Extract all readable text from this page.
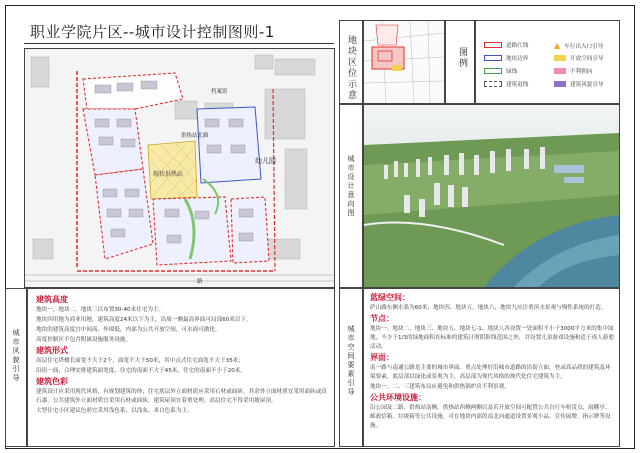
职业学院片区--城市设计控制图则-1
现状供热站
幼儿园
供热站北路
档案馆
路
地块区位示意	图例
道路红线
地块边界
绿线
建筑退线
▲ 车行出入口引导
开放空间引导
不利朝向
建筑风貌引导
城市设计意向图
城市风貌引导
建筑高度
地块一，地块二，地块三以布置30-40米住宅为主。
地块四用地为商业用地，建筑高度24米以下为主，沿周一侧最高界面可局部60米以下。
地块的建筑高度宜中间高、外围低，内部为公共开放空间，可水面可做化。
高度控制区不包含附属设施服务设施。
建筑形式
高层住宅塔楼长面宽不大于2个，面宽不大于50米，其中点式住宅面宽不大于35米；
沿街一面，合理安排建筑面宽度，住宅的南面不大于45米，住宅的南面不小于20米。
建筑色彩
建筑设计应采用现代风格，有规划建筑的体；住宅底层外立面材质应采用石材或面砖，其余外立面材质宜采用面砖或真石漆。公共建筑外立面材质宜采用石材或面砖，建筑屋顶宜着重处理，高层住宅不得采用坡屋顶。
大型住宅小区建议色彩宜采用浅色系，以浅灰、米白色系为主。
城市空间要素引导
蓝绿空间：
萨山路东侧水系为60米，地块四、地块五、地块六，地块九应注重滨水景观与慢性系统的打造。
节点：
地块一、地块二、地块三、地块五、地块七-1、地块八各设置一处面积不小于3000平方米的集中绿地，不少于1/3的绿地面积在标准的建筑日照阴影线范围之外，并设置儿童游戏设施和适于成人游憩活动。
界面：
南一路与南通公路是主要的城市界面。重点处理好沿城市道路的沿街立面，登录高品质的建筑及环境要素，底层部以绿化或景观为主，高层部为现代风格的现代化住宅建筑为主。
地块一、二、三建筑布局应避免和供热锅炉房不利景观。
公共环境设施：
沿公园及二路、供热站南侧，供热站西侧两侧以及若开放空间可配置公共自行车租赁点、雨棚亭、邮政信箱、垃圾箱等公共设施，可在地块内部的南北向通道设置景观小品、宣传展牌、指示牌等设施。
